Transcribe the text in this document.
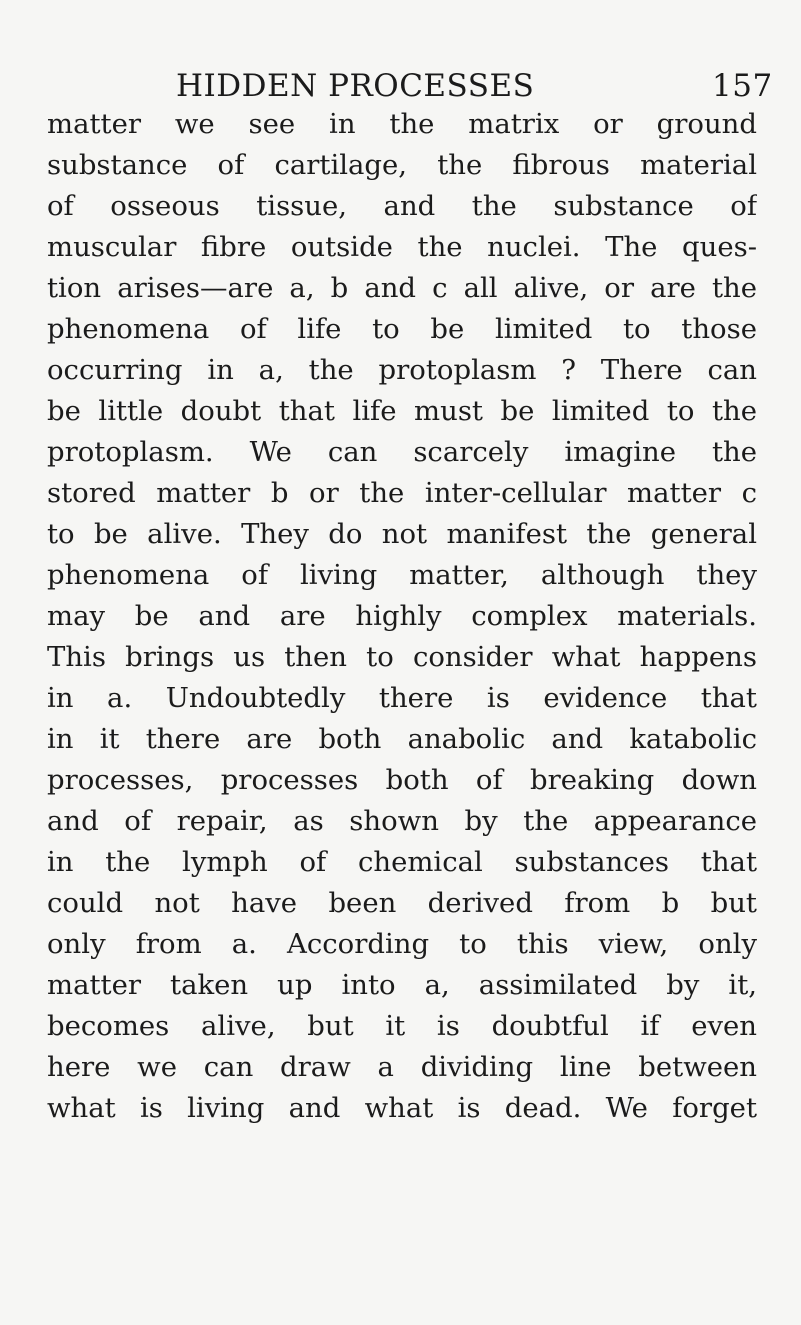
HIDDEN PROCESSES	157
matter we see in the matrix or ground
substance of cartilage, the fibrous material
of osseous tissue, and the substance of
muscular fibre outside the nuclei. The ques-
tion arises—are a, b and c all alive, or are the
phenomena of life to be limited to those
occurring in a, the protoplasm ? There can
be little doubt that life must be limited to the
protoplasm. We can scarcely imagine the
stored matter b or the inter-cellular matter c
to be alive. They do not manifest the general
phenomena of living matter, although they
may be and are highly complex materials.
This brings us then to consider what happens
in a. Undoubtedly there is evidence that
in it there are both anabolic and katabolic
processes, processes both of breaking down
and of repair, as shown by the appearance
in the lymph of chemical substances that
could not have been derived from b but
only from a. According to this view, only
matter taken up into a, assimilated by it,
becomes alive, but it is doubtful if even
here we can draw a dividing line between
what is living and what is dead. We forget
